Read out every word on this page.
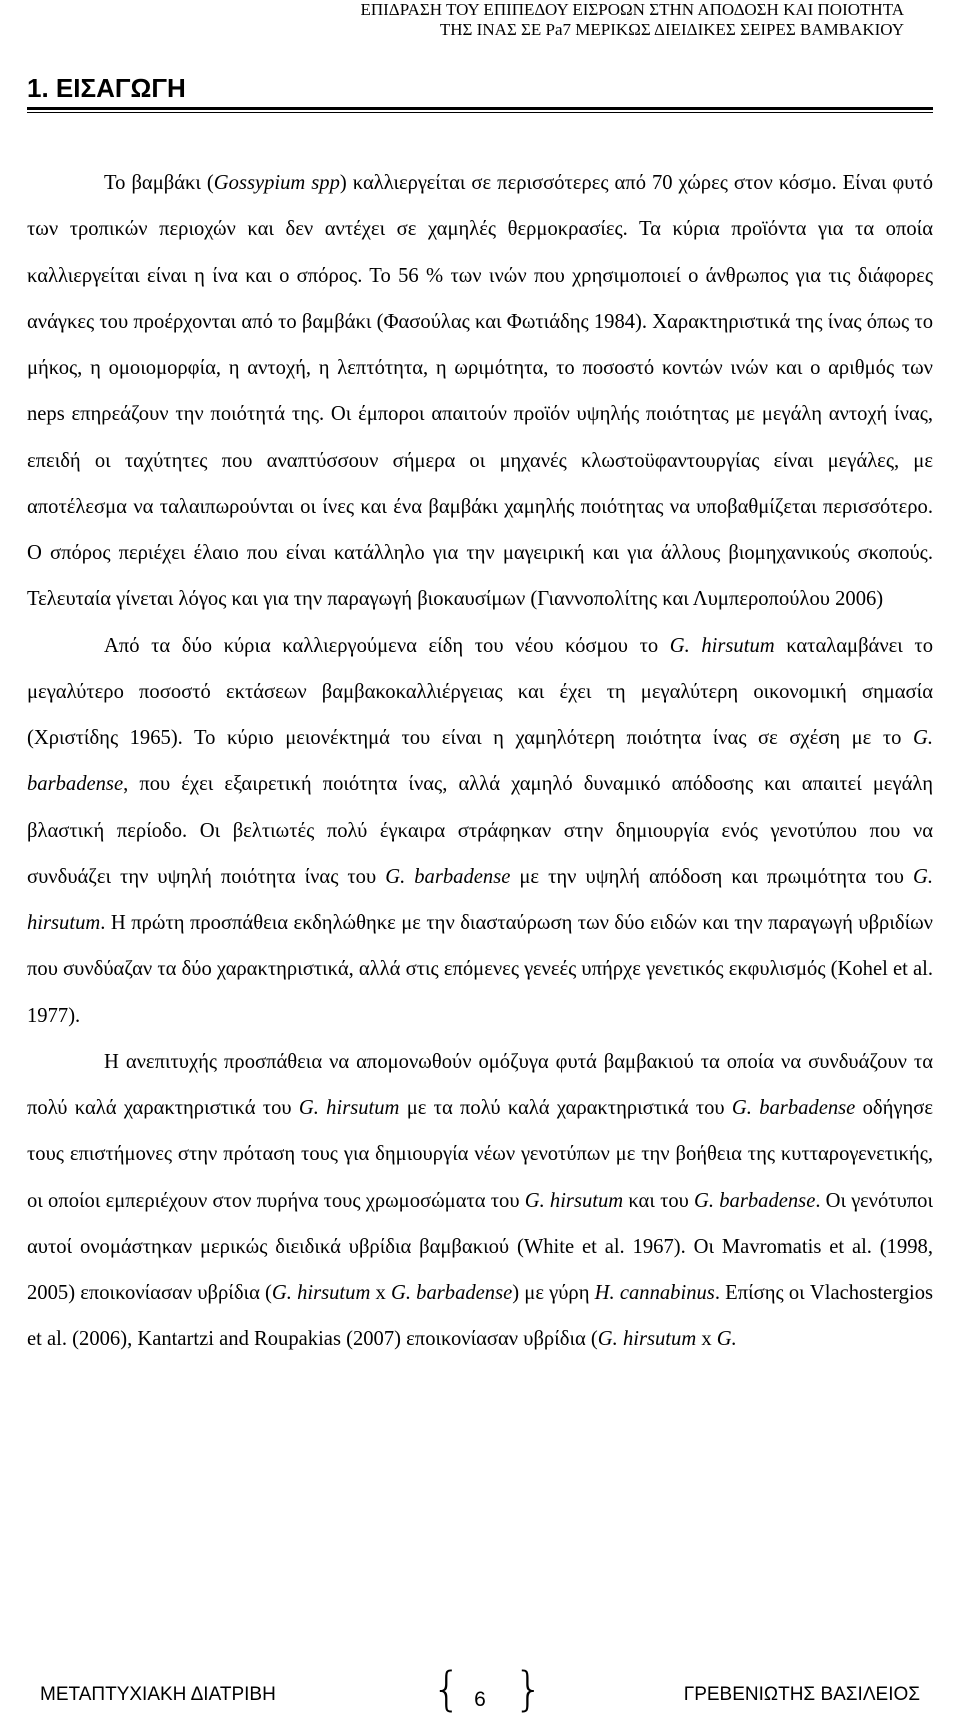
ΕΠΙΔΡΑΣΗ ΤΟΥ ΕΠΙΠΕΔΟΥ ΕΙΣΡΟΩΝ ΣΤΗΝ ΑΠΟΔΟΣΗ ΚΑΙ ΠΟΙΟΤΗΤΑ
ΤΗΣ ΙΝΑΣ ΣΕ Pa7 ΜΕΡΙΚΩΣ ΔΙΕΙΔΙΚΕΣ ΣΕΙΡΕΣ ΒΑΜΒΑΚΙΟΥ
1. ΕΙΣΑΓΩΓΗ

Το βαμβάκι (Gossypium spp) καλλιεργείται σε περισσότερες από 70 χώρες στον κόσμο. Είναι φυτό των τροπικών περιοχών και δεν αντέχει σε χαμηλές θερμοκρασίες. Τα κύρια προϊόντα για τα οποία καλλιεργείται είναι η ίνα και ο σπόρος. Το 56 % των ινών που χρησιμοποιεί ο άνθρωπος για τις διάφορες ανάγκες του προέρχονται από το βαμβάκι (Φασούλας και Φωτιάδης 1984). Χαρακτηριστικά της ίνας όπως το μήκος, η ομοιομορφία, η αντοχή, η λεπτότητα, η ωριμότητα, το ποσοστό κοντών ινών και ο αριθμός των neps επηρεάζουν την ποιότητά της. Οι έμποροι απαιτούν προϊόν υψηλής ποιότητας με μεγάλη αντοχή ίνας, επειδή οι ταχύτητες που αναπτύσσουν σήμερα οι μηχανές κλωστοϋφαντουργίας είναι μεγάλες, με αποτέλεσμα να ταλαιπωρούνται οι ίνες και ένα βαμβάκι χαμηλής ποιότητας να υποβαθμίζεται περισσότερο. Ο σπόρος περιέχει έλαιο που είναι κατάλληλο για την μαγειρική και για άλλους βιομηχανικούς σκοπούς. Τελευταία γίνεται λόγος και για την παραγωγή βιοκαυσίμων (Γιαννοπολίτης και Λυμπεροπούλου 2006)

Από τα δύο κύρια καλλιεργούμενα είδη του νέου κόσμου το G. hirsutum καταλαμβάνει το μεγαλύτερο ποσοστό εκτάσεων βαμβακοκαλλιέργειας και έχει τη μεγαλύτερη οικονομική σημασία (Χριστίδης 1965). Το κύριο μειονέκτημά του είναι η χαμηλότερη ποιότητα ίνας σε σχέση με το G. barbadense, που έχει εξαιρετική ποιότητα ίνας, αλλά χαμηλό δυναμικό απόδοσης και απαιτεί μεγάλη βλαστική περίοδο. Οι βελτιωτές πολύ έγκαιρα στράφηκαν στην δημιουργία ενός γενοτύπου που να συνδυάζει την υψηλή ποιότητα ίνας του G. barbadense με την υψηλή απόδοση και πρωιμότητα του G. hirsutum. Η πρώτη προσπάθεια εκδηλώθηκε με την διασταύρωση των δύο ειδών και την παραγωγή υβριδίων που συνδύαζαν τα δύο χαρακτηριστικά, αλλά στις επόμενες γενεές υπήρχε γενετικός εκφυλισμός (Kohel et al. 1977).

Η ανεπιτυχής προσπάθεια να απομονωθούν ομόζυγα φυτά βαμβακιού τα οποία να συνδυάζουν τα πολύ καλά χαρακτηριστικά του G. hirsutum με τα πολύ καλά χαρακτηριστικά του G. barbadense οδήγησε τους επιστήμονες στην πρόταση τους για δημιουργία νέων γενοτύπων με την βοήθεια της κυτταρογενετικής, οι οποίοι εμπεριέχουν στον πυρήνα τους χρωμοσώματα του G. hirsutum και του G. barbadense. Οι γενότυποι αυτοί ονομάστηκαν μερικώς διειδικά υβρίδια βαμβακιού (White et al. 1967). Οι Mavromatis et al. (1998, 2005) εποικονίασαν υβρίδια (G. hirsutum x G. barbadense) με γύρη H. cannabinus. Επίσης οι Vlachostergios et al. (2006), Kantartzi and Roupakias (2007) εποικονίασαν υβρίδια (G. hirsutum x G.

ΜΕΤΑΠΤΥΧΙΑΚΗ ΔΙΑΤΡΙΒΗ	{ 6 }	ΓΡΕΒΕΝΙΩΤΗΣ ΒΑΣΙΛΕΙΟΣ
